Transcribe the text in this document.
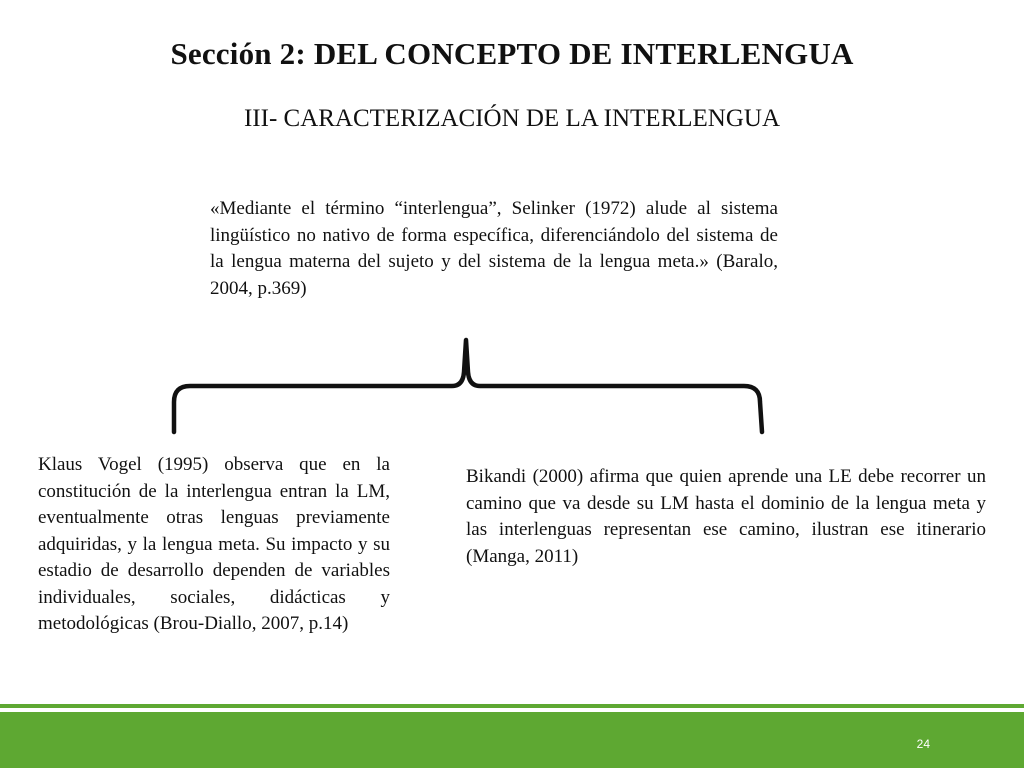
Sección 2: DEL CONCEPTO DE INTERLENGUA
III- CARACTERIZACIÓN DE LA INTERLENGUA
«Mediante el término “interlengua”, Selinker (1972) alude al sistema lingüístico no nativo de forma específica, diferenciándolo del sistema de la lengua materna del sujeto y del sistema de la lengua meta.» (Baralo, 2004, p.369)
Klaus Vogel (1995) observa que en la constitución de la interlengua entran la LM, eventualmente otras lenguas previamente adquiridas, y la lengua meta. Su impacto y su estadio de desarrollo dependen de variables individuales, sociales, didácticas y metodológicas (Brou-Diallo, 2007, p.14)
Bikandi (2000) afirma que quien aprende una LE debe recorrer un camino que va desde su LM hasta el dominio de la lengua meta y las interlenguas representan ese camino, ilustran ese itinerario (Manga, 2011)
24
